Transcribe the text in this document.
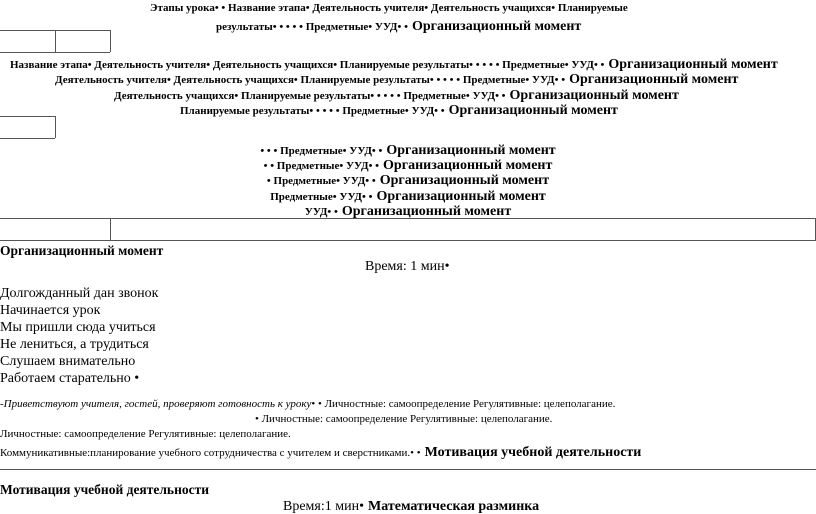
Этапы урока• • Название этапа• Деятельность учителя• Деятельность учащихся• Планируемые
результаты• • • • • Предметные• УУД• • Организационный момент
Название этапа• Деятельность учителя• Деятельность учащихся• Планируемые результаты• • • • • Предметные• УУД• • Организационный момент
Деятельность учителя• Деятельность учащихся• Планируемые результаты• • • • • Предметные• УУД• • Организационный момент
Деятельность учащихся• Планируемые результаты• • • • • Предметные• УУД• • Организационный момент
Планируемые результаты• • • • • Предметные• УУД• • Организационный момент
• • • Предметные• УУД• • Организационный момент
• • Предметные• УУД• • Организационный момент
• Предметные• УУД• • Организационный момент
Предметные• УУД• • Организационный момент
УУД• • Организационный момент
Организационный момент
Время: 1 мин•
Долгожданный дан звонок
Начинается урок
Мы пришли сюда учиться
Не лениться, а трудиться
Слушаем внимательно
Работаем старательно •
-Приветствуют учителя, гостей, проверяют готовность к уроку• • Личностные: самоопределение Регулятивные: целеполагание.
• Личностные: самоопределение Регулятивные: целеполагание.
Личностные: самоопределение Регулятивные: целеполагание.
Коммуникативные:планирование учебного сотрудничества с учителем и сверстниками.• • Мотивация учебной деятельности
Мотивация учебной деятельности
Время:1 мин• Математическая разминка
